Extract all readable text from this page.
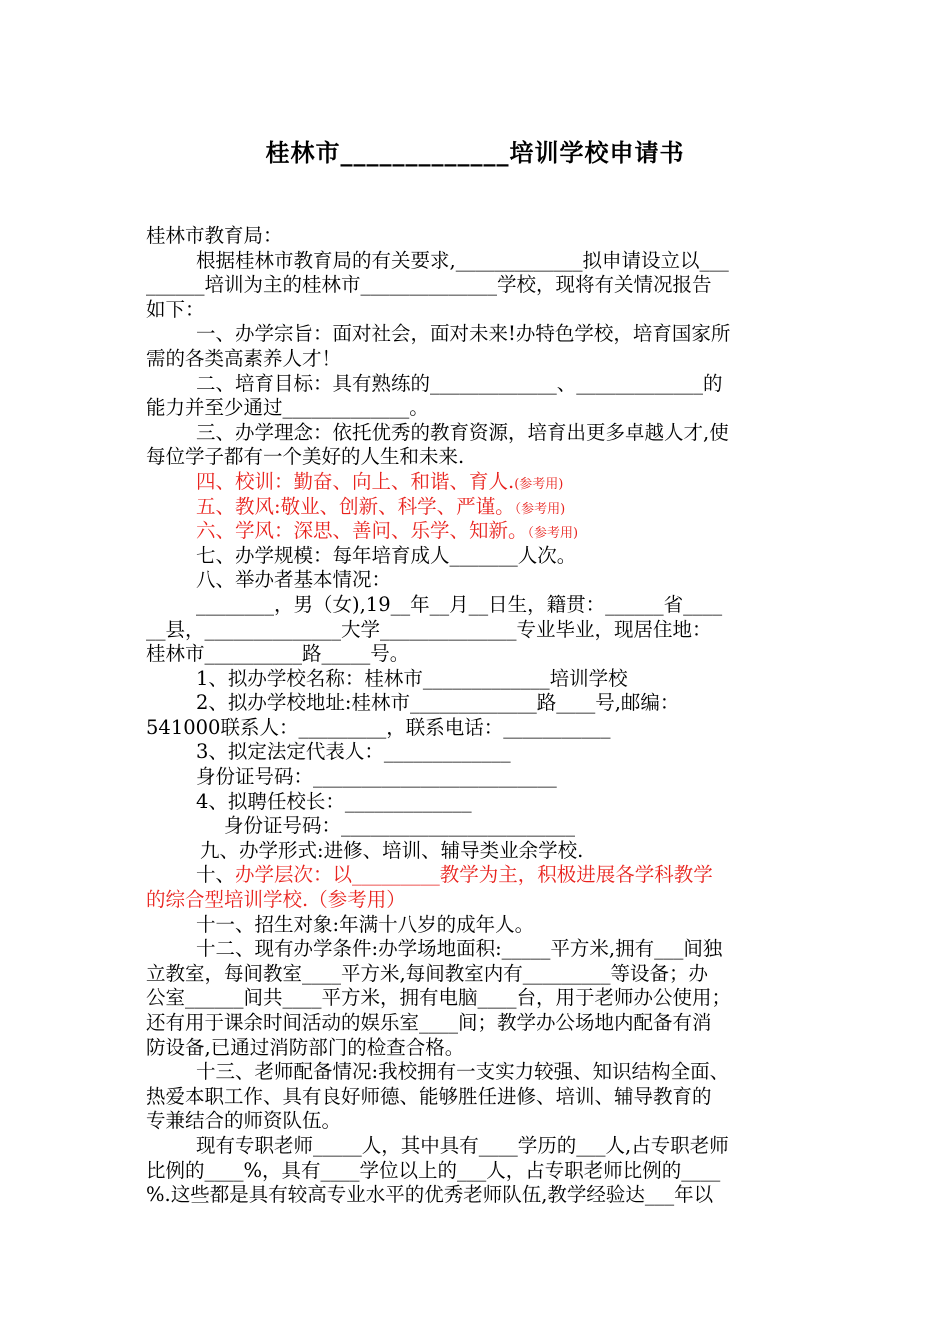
桂林市_____________培训学校申请书
桂林市教育局：
根据桂林市教育局的有关要求,_____________拟申请设立以___
______培训为主的桂林市______________学校，现将有关情况报告
如下：
一、办学宗旨：面对社会，面对未来!办特色学校，培育国家所
需的各类高素养人才！
二、培育目标：具有熟练的_____________、_____________的
能力并至少通过_____________。
三、办学理念：依托优秀的教育资源，培育出更多卓越人才,使
每位学子都有一个美好的人生和未来.
四、校训：勤奋、向上、和谐、育人.(参考用)
五、教风:敬业、创新、科学、严谨。（参考用)
六、学风：深思、善问、乐学、知新。（参考用)
七、办学规模：每年培育成人_______人次。
八、举办者基本情况：
________，男（女),19__年__月__日生，籍贯：______省____
__县，______________大学______________专业毕业，现居住地：
桂林市__________路_____号。
1、拟办学校名称：桂林市_____________培训学校
2、拟办学校地址:桂林市_____________路____号,邮编：
541000联系人：_________，联系电话：___________
3、拟定法定代表人：_____________
身份证号码：_________________________
4、拟聘任校长：_____________
身份证号码：________________________
九、办学形式:进修、培训、辅导类业余学校.
十、办学层次：以_________教学为主，积极进展各学科教学
的综合型培训学校.（参考用）
十一、招生对象:年满十八岁的成年人。
十二、现有办学条件:办学场地面积:_____平方米,拥有___间独
立教室，每间教室____平方米,每间教室内有_________等设备；办
公室______间共____平方米，拥有电脑____台，用于老师办公使用；
还有用于课余时间活动的娱乐室____间；教学办公场地内配备有消
防设备,已通过消防部门的检查合格。
十三、老师配备情况:我校拥有一支实力较强、知识结构全面、
热爱本职工作、具有良好师德、能够胜任进修、培训、辅导教育的
专兼结合的师资队伍。
现有专职老师_____人，其中具有____学历的___人,占专职老师
比例的____%，具有____学位以上的___人，占专职老师比例的____
%.这些都是具有较高专业水平的优秀老师队伍,教学经验达___年以
